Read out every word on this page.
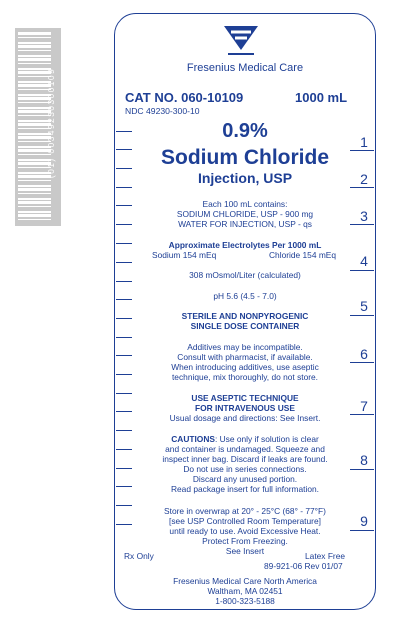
(01) 00349230300109	Fresenius Medical Care
CAT NO. 060-10109	1000 mL
NDC 49230-300-10
0.9%
Sodium Chloride
Injection, USP
Each 100 mL contains:
SODIUM CHLORIDE, USP - 900 mg
WATER FOR INJECTION, USP - qs
Approximate Electrolytes Per 1000 mL
Sodium 154 mEq	Chloride 154 mEq
308 mOsmol/Liter (calculated)
pH 5.6 (4.5 - 7.0)
STERILE AND NONPYROGENIC
SINGLE DOSE CONTAINER
Additives may be incompatible.
Consult with pharmacist, if available.
When introducing additives, use aseptic
technique, mix thoroughly, do not store.
USE ASEPTIC TECHNIQUE
FOR INTRAVENOUS USE
Usual dosage and directions: See Insert.
CAUTIONS: Use only if solution is clear
and container is undamaged. Squeeze and
inspect inner bag. Discard if leaks are found.
Do not use in series connections.
Discard any unused portion.
Read package insert for full information.
Store in overwrap at 20° - 25°C (68° - 77°F)
[see USP Controlled Room Temperature]
until ready to use. Avoid Excessive Heat.
Protect From Freezing.
Rx Only	See Insert	Latex Free
89-921-06 Rev 01/07
Fresenius Medical Care North America
Waltham, MA 02451
1-800-323-5188
1
2
3
4
5
6
7
8
9
